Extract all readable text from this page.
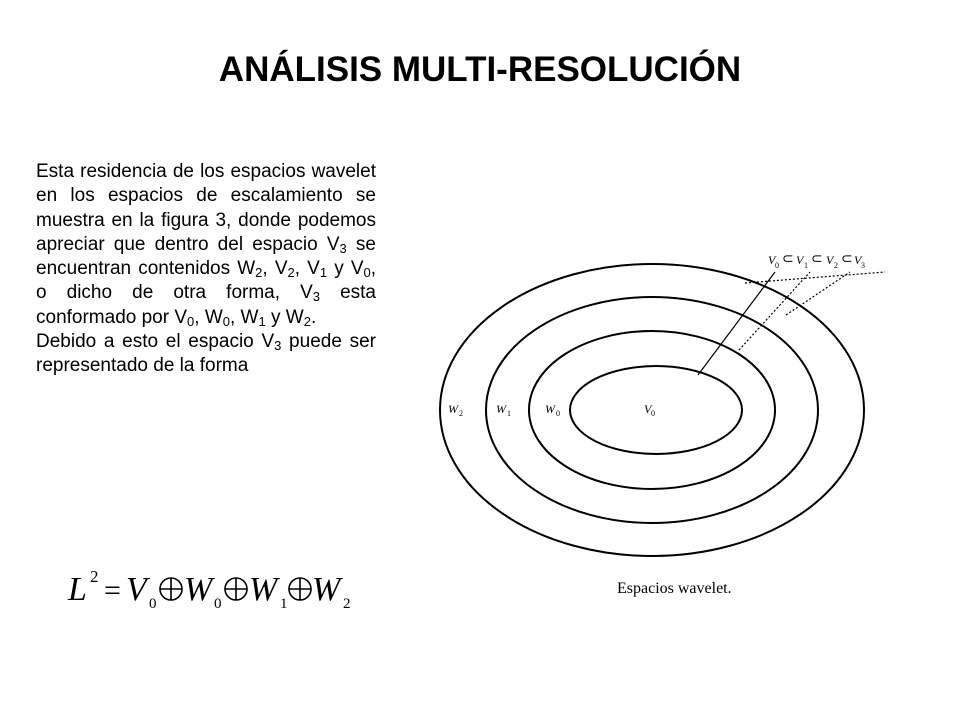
ANÁLISIS MULTI-RESOLUCIÓN

Esta residencia de los espacios wavelet en los espacios de escalamiento se muestra en la figura 3, donde podemos apreciar que dentro del espacio $V_3$ se encuentran contenidos $W_2$, $V_2$, $V_1$ y $V_0$, o dicho de otra forma, $V_3$ esta conformado por $V_0$, $W_0$, $W_1$ y $W_2$.

Debido a esto el espacio $V_3$ puede ser representado de la forma

L 2 = V 0 W 0 W 1 W 2
V 0 ⊂ V 1 ⊂ V 2 ⊂ V 3
W 2	W 1	W 0	V 0
Espacios wavelet.
